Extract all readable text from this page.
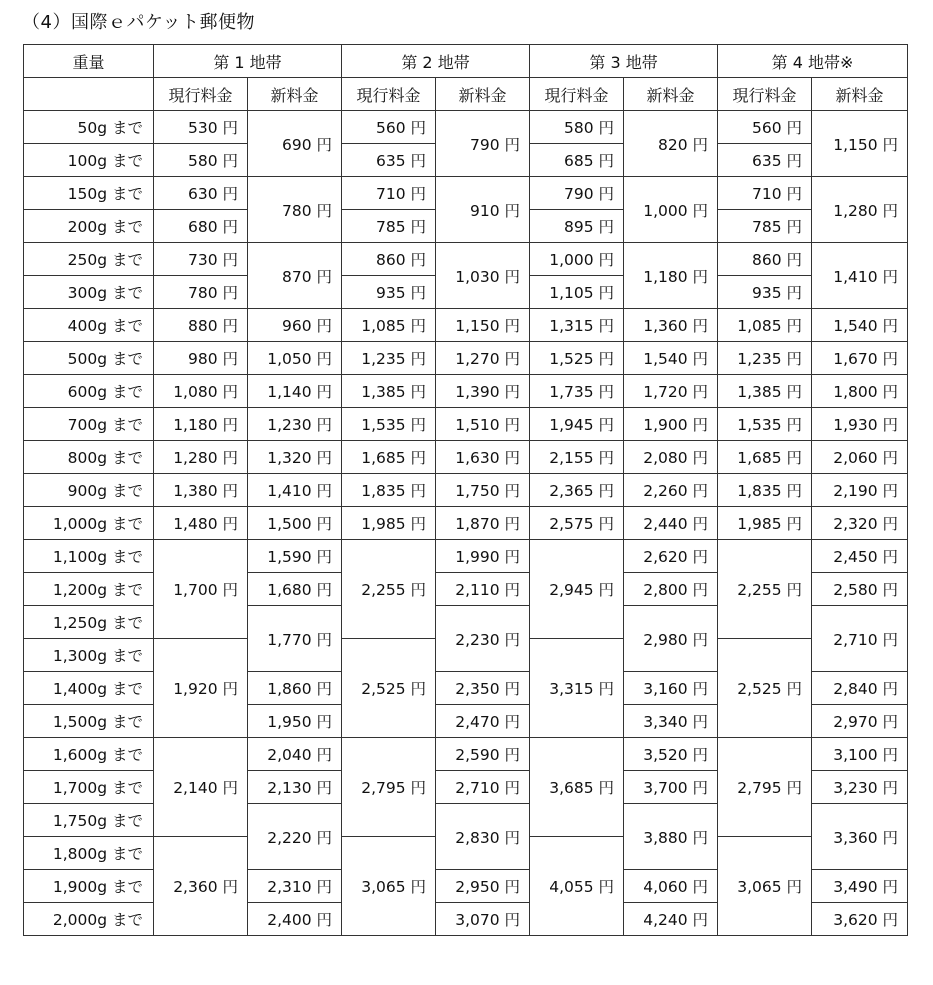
（4）国際ｅパケット郵便物
重量	第 1 地帯		第 2 地帯		第 3 地帯		第 4 地帯※	
	現行料金	新料金	現行料金	新料金	現行料金	新料金	現行料金	新料金
50g まで	530 円	690 円	560 円	790 円	580 円	820 円	560 円	1,150 円
100g まで	580 円		635 円		685 円		635 円	
150g まで	630 円	780 円	710 円	910 円	790 円	1,000 円	710 円	1,280 円
200g まで	680 円		785 円		895 円		785 円	
250g まで	730 円	870 円	860 円	1,030 円	1,000 円	1,180 円	860 円	1,410 円
300g まで	780 円		935 円		1,105 円		935 円	
400g まで	880 円	960 円	1,085 円	1,150 円	1,315 円	1,360 円	1,085 円	1,540 円
500g まで	980 円	1,050 円	1,235 円	1,270 円	1,525 円	1,540 円	1,235 円	1,670 円
600g まで	1,080 円	1,140 円	1,385 円	1,390 円	1,735 円	1,720 円	1,385 円	1,800 円
700g まで	1,180 円	1,230 円	1,535 円	1,510 円	1,945 円	1,900 円	1,535 円	1,930 円
800g まで	1,280 円	1,320 円	1,685 円	1,630 円	2,155 円	2,080 円	1,685 円	2,060 円
900g まで	1,380 円	1,410 円	1,835 円	1,750 円	2,365 円	2,260 円	1,835 円	2,190 円
1,000g まで	1,480 円	1,500 円	1,985 円	1,870 円	2,575 円	2,440 円	1,985 円	2,320 円
1,100g まで	1,700 円	1,590 円	2,255 円	1,990 円	2,945 円	2,620 円	2,255 円	2,450 円
1,200g まで		1,680 円		2,110 円		2,800 円		2,580 円
1,250g まで		1,770 円		2,230 円		2,980 円		2,710 円
1,300g まで	1,920 円		2,525 円		3,315 円		2,525 円	
1,400g まで		1,860 円		2,350 円		3,160 円		2,840 円
1,500g まで		1,950 円		2,470 円		3,340 円		2,970 円
1,600g まで	2,140 円	2,040 円	2,795 円	2,590 円	3,685 円	3,520 円	2,795 円	3,100 円
1,700g まで		2,130 円		2,710 円		3,700 円		3,230 円
1,750g まで		2,220 円		2,830 円		3,880 円		3,360 円
1,800g まで	2,360 円		3,065 円		4,055 円		3,065 円	
1,900g まで		2,310 円		2,950 円		4,060 円		3,490 円
2,000g まで		2,400 円		3,070 円		4,240 円		3,620 円
